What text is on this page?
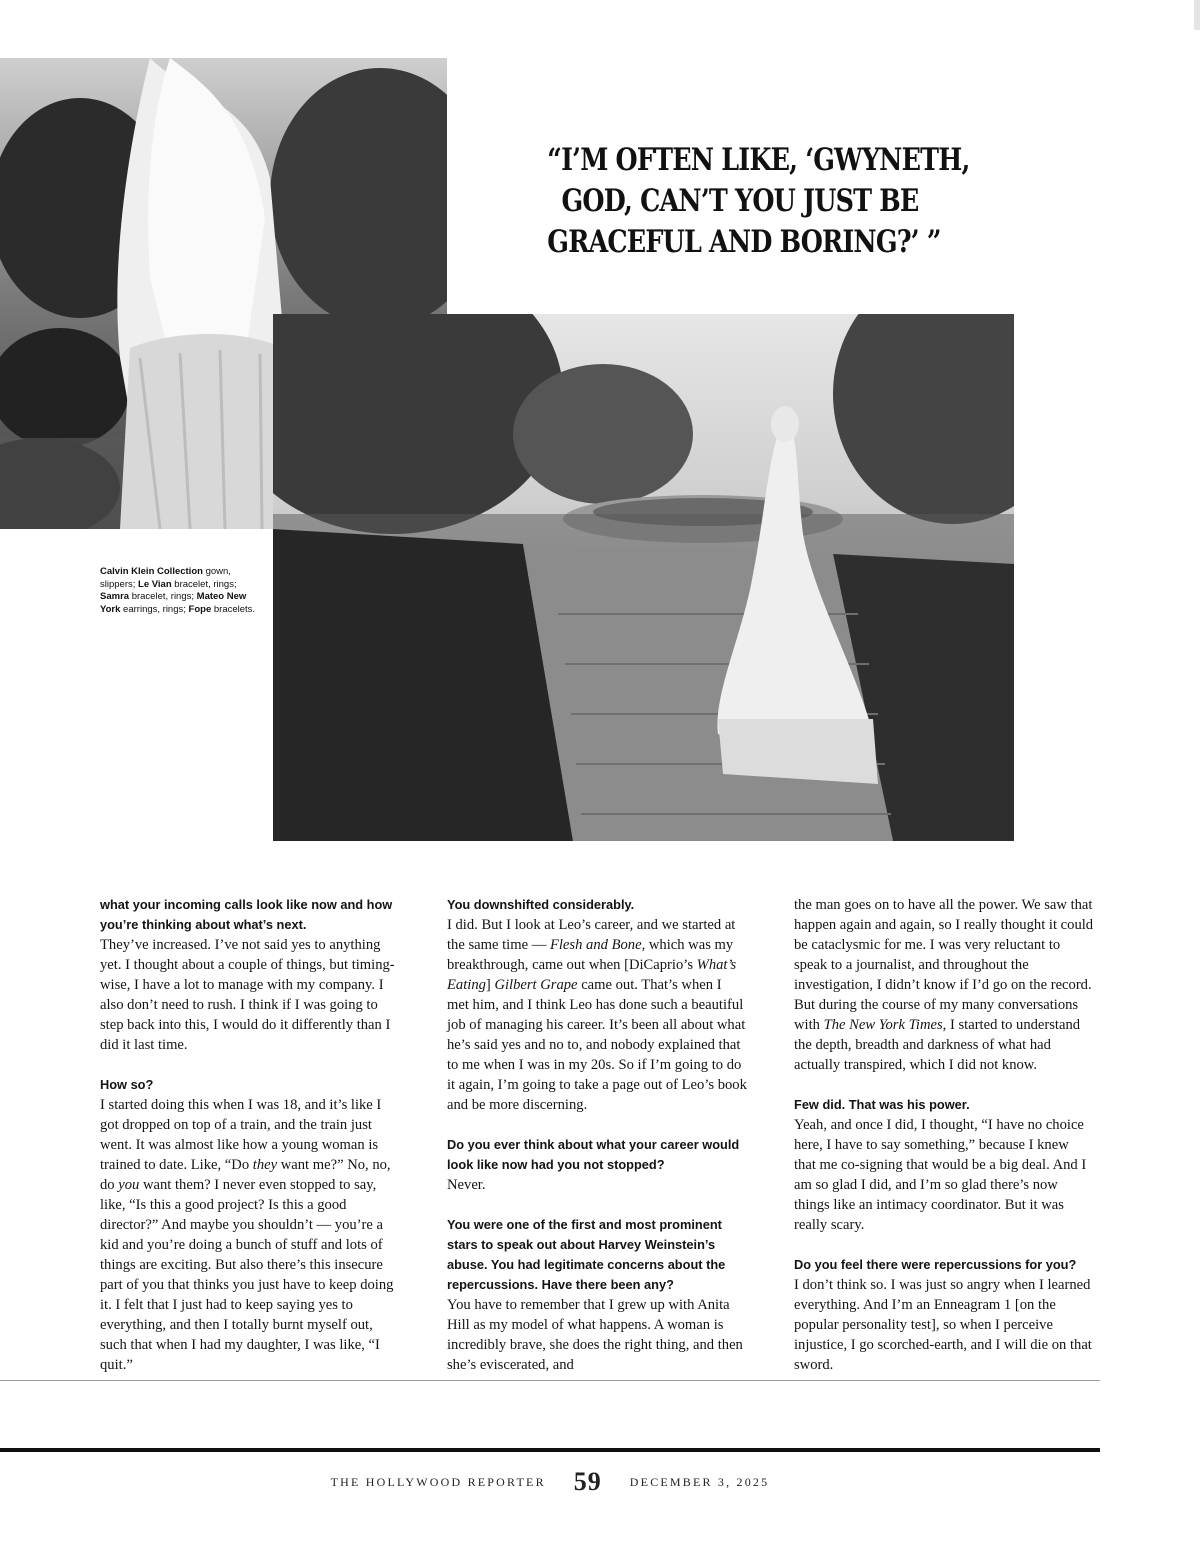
“I’M OFTEN LIKE, ‘GWYNETH,
GOD, CAN’T YOU JUST BE
GRACEFUL AND BORING?’ ”
Calvin Klein Collection gown, slippers; Le Vian bracelet, rings; Samra bracelet, rings; Mateo New York earrings, rings; Fope bracelets.

what your incoming calls look like now and how you’re thinking about what’s next.

They’ve increased. I’ve not said yes to anything yet. I thought about a couple of things, but timing-wise, I have a lot to manage with my company. I also don’t need to rush. I think if I was going to step back into this, I would do it differently than I did it last time.

How so?

I started doing this when I was 18, and it’s like I got dropped on top of a train, and the train just went. It was almost like how a young woman is trained to date. Like, “Do they want me?” No, no, do you want them? I never even stopped to say, like, “Is this a good project? Is this a good director?” And maybe you shouldn’t — you’re a kid and you’re doing a bunch of stuff and lots of things are exciting. But also there’s this insecure part of you that thinks you just have to keep doing it. I felt that I just had to keep saying yes to everything, and then I totally burnt myself out, such that when I had my daughter, I was like, “I quit.”

You downshifted considerably.

I did. But I look at Leo’s career, and we started at the same time — Flesh and Bone, which was my breakthrough, came out when [DiCaprio’s What’s Eating] Gilbert Grape came out. That’s when I met him, and I think Leo has done such a beautiful job of managing his career. It’s been all about what he’s said yes and no to, and nobody explained that to me when I was in my 20s. So if I’m going to do it again, I’m going to take a page out of Leo’s book and be more discerning.

Do you ever think about what your career would look like now had you not stopped?

Never.

You were one of the first and most prominent stars to speak out about Harvey Weinstein’s abuse. You had legitimate concerns about the repercussions. Have there been any?

You have to remember that I grew up with Anita Hill as my model of what happens. A woman is incredibly brave, she does the right thing, and then she’s eviscerated, and

the man goes on to have all the power. We saw that happen again and again, so I really thought it could be cataclysmic for me. I was very reluctant to speak to a journalist, and throughout the investigation, I didn’t know if I’d go on the record. But during the course of my many conversations with The New York Times, I started to understand the depth, breadth and darkness of what had actually transpired, which I did not know.

Few did. That was his power.

Yeah, and once I did, I thought, “I have no choice here, I have to say something,” because I knew that me co-signing that would be a big deal. And I am so glad I did, and I’m so glad there’s now things like an intimacy coordinator. But it was really scary.

Do you feel there were repercussions for you?

I don’t think so. I was just so angry when I learned everything. And I’m an Enneagram 1 [on the popular personality test], so when I perceive injustice, I go scorched-earth, and I will die on that sword.

THE HOLLYWOOD REPORTER 59 DECEMBER 3, 2025
